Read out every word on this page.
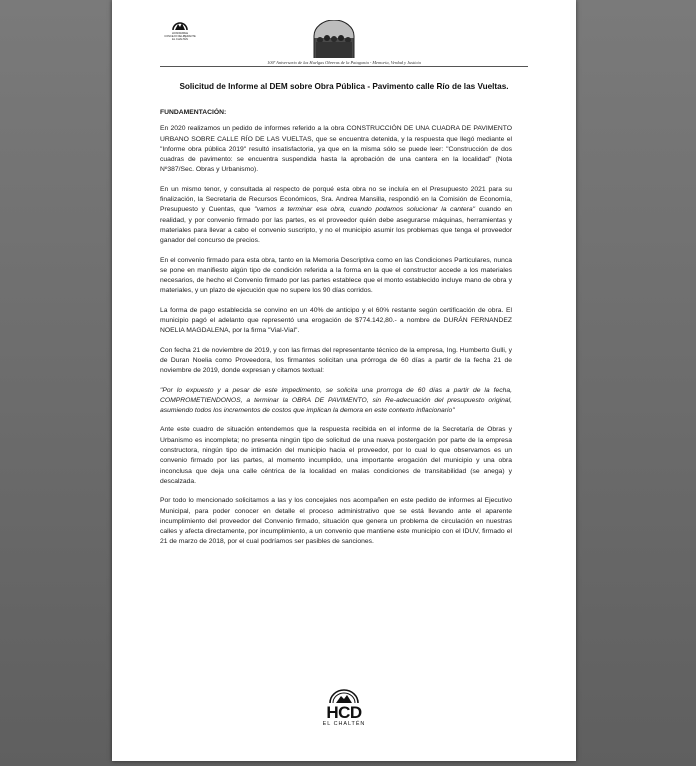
HONORABLE
CONCEJO DELIBERANTE
EL CHALTÉN
100º Aniversario de las Huelgas Obreras de la Patagonia - Memoria, Verdad y Justicia
Solicitud de Informe al DEM sobre Obra Pública - Pavimento calle Río de las Vueltas.
FUNDAMENTACIÓN:

En 2020 realizamos un pedido de informes referido a la obra CONSTRUCCIÓN DE UNA CUADRA DE PAVIMENTO URBANO SOBRE CALLE RÍO DE LAS VUELTAS, que se encuentra detenida, y la respuesta que llegó mediante el "Informe obra pública 2019" resultó insatisfactoria, ya que en la misma sólo se puede leer: "Construcción de dos cuadras de pavimento: se encuentra suspendida hasta la aprobación de una cantera en la localidad" (Nota Nº387/Sec. Obras y Urbanismo).

En un mismo tenor, y consultada al respecto de porqué esta obra no se incluía en el Presupuesto 2021 para su finalización, la Secretaria de Recursos Económicos, Sra. Andrea Mansilla, respondió en la Comisión de Economía, Presupuesto y Cuentas, que "vamos a terminar esa obra, cuando podamos solucionar la cantera" cuando en realidad, y por convenio firmado por las partes, es el proveedor quién debe asegurarse máquinas, herramientas y materiales para llevar a cabo el convenio suscripto, y no el municipio asumir los problemas que tenga el proveedor ganador del concurso de precios.

En el convenio firmado para esta obra, tanto en la Memoria Descriptiva como en las Condiciones Particulares, nunca se pone en manifiesto algún tipo de condición referida a la forma en la que el constructor accede a los materiales necesarios, de hecho el Convenio firmado por las partes establece que el monto establecido incluye mano de obra y materiales, y un plazo de ejecución que no supere los 90 días corridos.

La forma de pago establecida se convino en un 40% de anticipo y el 60% restante según certificación de obra. El municipio pagó el adelanto que representó una erogación de $774.142,80.- a nombre de DURÁN FERNANDEZ NOELIA MAGDALENA, por la firma "Vial-Vial".

Con fecha 21 de noviembre de 2019, y con las firmas del representante técnico de la empresa, Ing. Humberto Gulli, y de Duran Noelia como Proveedora, los firmantes solicitan una prórroga de 60 días a partir de la fecha 21 de noviembre de 2019, donde expresan y citamos textual:

"Por lo expuesto y a pesar de este impedimento, se solicita una prorroga de 60 días a partir de la fecha, COMPROMETIENDONOS, a terminar la OBRA DE PAVIMENTO, sin Re-adecuación del presupuesto original, asumiendo todos los incrementos de costos que implican la demora en este contexto inflacionario"

Ante este cuadro de situación entendemos que la respuesta recibida en el informe de la Secretaría de Obras y Urbanismo es incompleta; no presenta ningún tipo de solicitud de una nueva postergación por parte de la empresa constructora, ningún tipo de intimación del municipio hacia el proveedor, por lo cual lo que observamos es un convenio firmado por las partes, al momento incumplido, una importante erogación del municipio y una obra inconclusa que deja una calle céntrica de la localidad en malas condiciones de transitabilidad (se anega) y descalzada.

Por todo lo mencionado solicitamos a las y los concejales nos acompañen en este pedido de informes al Ejecutivo Municipal, para poder conocer en detalle el proceso administrativo que se está llevando ante el aparente incumplimiento del proveedor del Convenio firmado, situación que genera un problema de circulación en nuestras calles y afecta directamente, por incumplimiento, a un convenio que mantiene este municipio con el IDUV, firmado el 21 de marzo de 2018, por el cual podríamos ser pasibles de sanciones.

HCD
EL CHALTÉN
